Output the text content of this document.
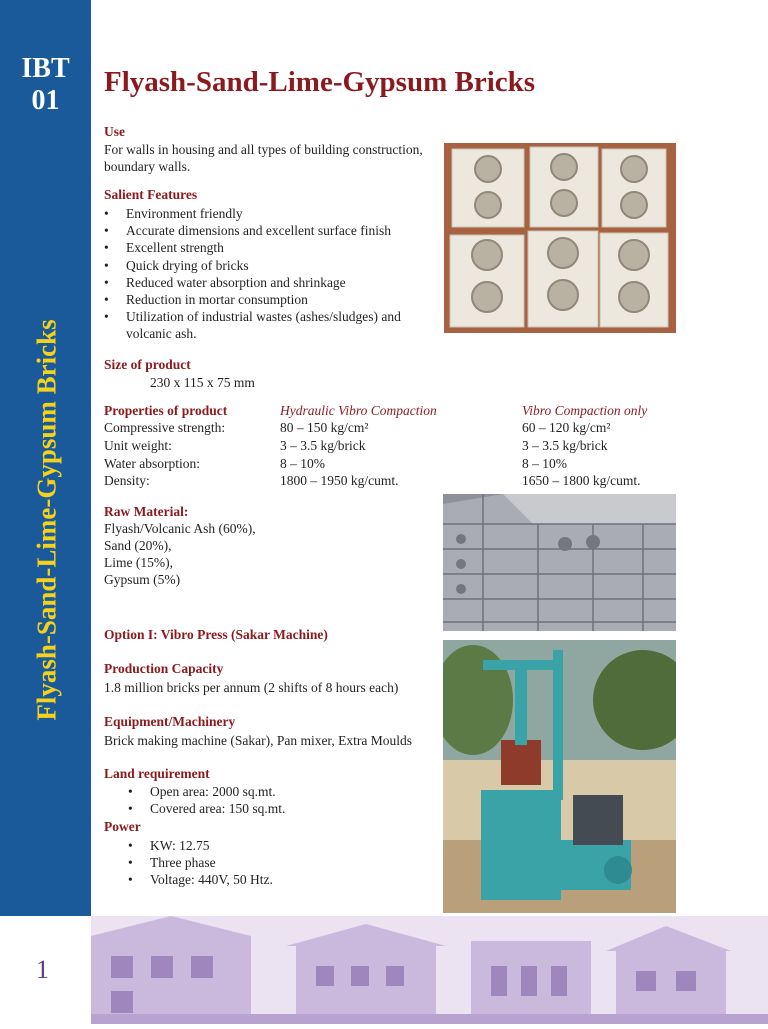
IBT
01
Flyash-Sand-Lime-Gypsum Bricks
Flyash-Sand-Lime-Gypsum Bricks
Use

For walls in housing and all types of building construction, boundary walls.

Salient Features
• Environment friendly
• Accurate dimensions and excellent surface finish
• Excellent strength
• Quick drying of bricks
• Reduced water absorption and shrinkage
• Reduction in mortar consumption
• Utilization of industrial wastes (ashes/sludges) and volcanic ash.
Size of product
230 x 115 x 75 mm
Properties of product	Hydraulic Vibro Compaction	Vibro Compaction only
Compressive strength:	80 – 150 kg/cm²	60 – 120 kg/cm²
Unit weight:	3 – 3.5 kg/brick	3 – 3.5 kg/brick
Water absorption:	8 – 10%	8 – 10%
Density:	1800 – 1950 kg/cumt.	1650 – 1800 kg/cumt.
Raw Material:
Flyash/Volcanic Ash (60%),
Sand (20%),
Lime (15%),
Gypsum (5%)
Option I: Vibro Press (Sakar Machine)
Production Capacity
1.8 million bricks per annum (2 shifts of 8 hours each)
Equipment/Machinery
Brick making machine (Sakar), Pan mixer, Extra Moulds
Land requirement
• Open area: 2000 sq.mt.
• Covered area: 150 sq.mt.
Power
• KW: 12.75
• Three phase
• Voltage: 440V, 50 Htz.
1
